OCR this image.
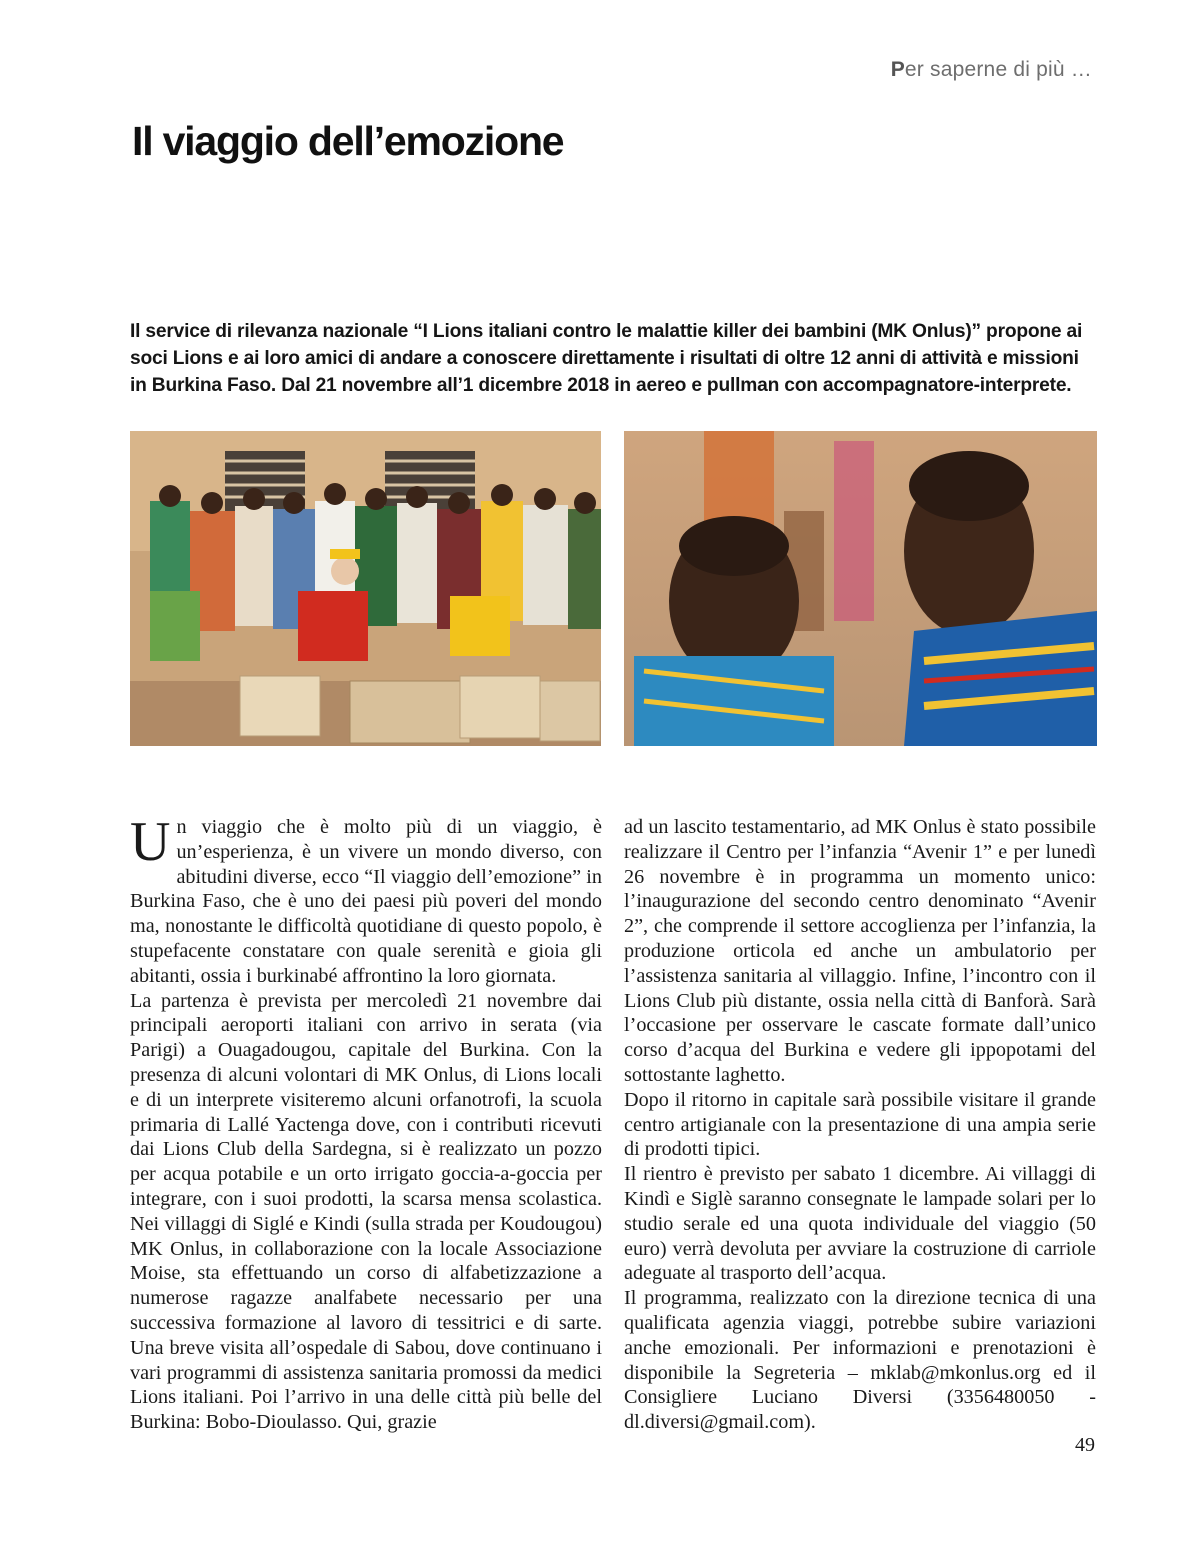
Per saperne di più …
Il viaggio dell’emozione

Il service di rilevanza nazionale “I Lions italiani contro le malattie killer dei bambini (MK Onlus)” propone ai soci Lions e ai loro amici di andare a conoscere direttamente i risultati di oltre 12 anni di attività e missioni in Burkina Faso. Dal 21 novembre all’1 dicembre 2018 in aereo e pullman con accompagnatore-interprete.

Un viaggio che è molto più di un viaggio, è un’esperienza, è un vivere un mondo diverso, con abitudini diverse, ecco “Il viaggio dell’emozione” in Burkina Faso, che è uno dei paesi più poveri del mondo ma, nonostante le difficoltà quotidiane di questo popolo, è stupefacente constatare con quale serenità e gioia gli abitanti, ossia i burkinabé affrontino la loro giornata.

La partenza è prevista per mercoledì 21 novembre dai principali aeroporti italiani con arrivo in serata (via Parigi) a Ouagadougou, capitale del Burkina. Con la presenza di alcuni volontari di MK Onlus, di Lions locali e di un interprete visiteremo alcuni orfanotrofi, la scuola primaria di Lallé Yactenga dove, con i contributi ricevuti dai Lions Club della Sardegna, si è realizzato un pozzo per acqua potabile e un orto irrigato goccia-a-goccia per integrare, con i suoi prodotti, la scarsa mensa scolastica. Nei villaggi di Siglé e Kindi (sulla strada per Koudougou) MK Onlus, in collaborazione con la locale Associazione Moise, sta effettuando un corso di alfabetizzazione a numerose ragazze analfabete necessario per una successiva formazione al lavoro di tessitrici e di sarte. Una breve visita all’ospedale di Sabou, dove continuano i vari programmi di assistenza sanitaria promossi da medici Lions italiani. Poi l’arrivo in una delle città più belle del Burkina: Bobo-Dioulasso. Qui, grazie

ad un lascito testamentario, ad MK Onlus è stato possibile realizzare il Centro per l’infanzia “Avenir 1” e per lunedì 26 novembre è in programma un momento unico: l’inaugurazione del secondo centro denominato “Avenir 2”, che comprende il settore accoglienza per l’infanzia, la produzione orticola ed anche un ambulatorio per l’assistenza sanitaria al villaggio. Infine, l’incontro con il Lions Club più distante, ossia nella città di Banforà. Sarà l’occasione per osservare le cascate formate dall’unico corso d’acqua del Burkina e vedere gli ippopotami del sottostante laghetto.

Dopo il ritorno in capitale sarà possibile visitare il grande centro artigianale con la presentazione di una ampia serie di prodotti tipici.

Il rientro è previsto per sabato 1 dicembre. Ai villaggi di Kindì e Siglè saranno consegnate le lampade solari per lo studio serale ed una quota individuale del viaggio (50 euro) verrà devoluta per avviare la costruzione di carriole adeguate al trasporto dell’acqua.

Il programma, realizzato con la direzione tecnica di una qualificata agenzia viaggi, potrebbe subire variazioni anche emozionali. Per informazioni e prenotazioni è disponibile la Segreteria – mklab@mkonlus.org ed il Consigliere Luciano Diversi (3356480050 - dl.diversi@gmail.com).

49
